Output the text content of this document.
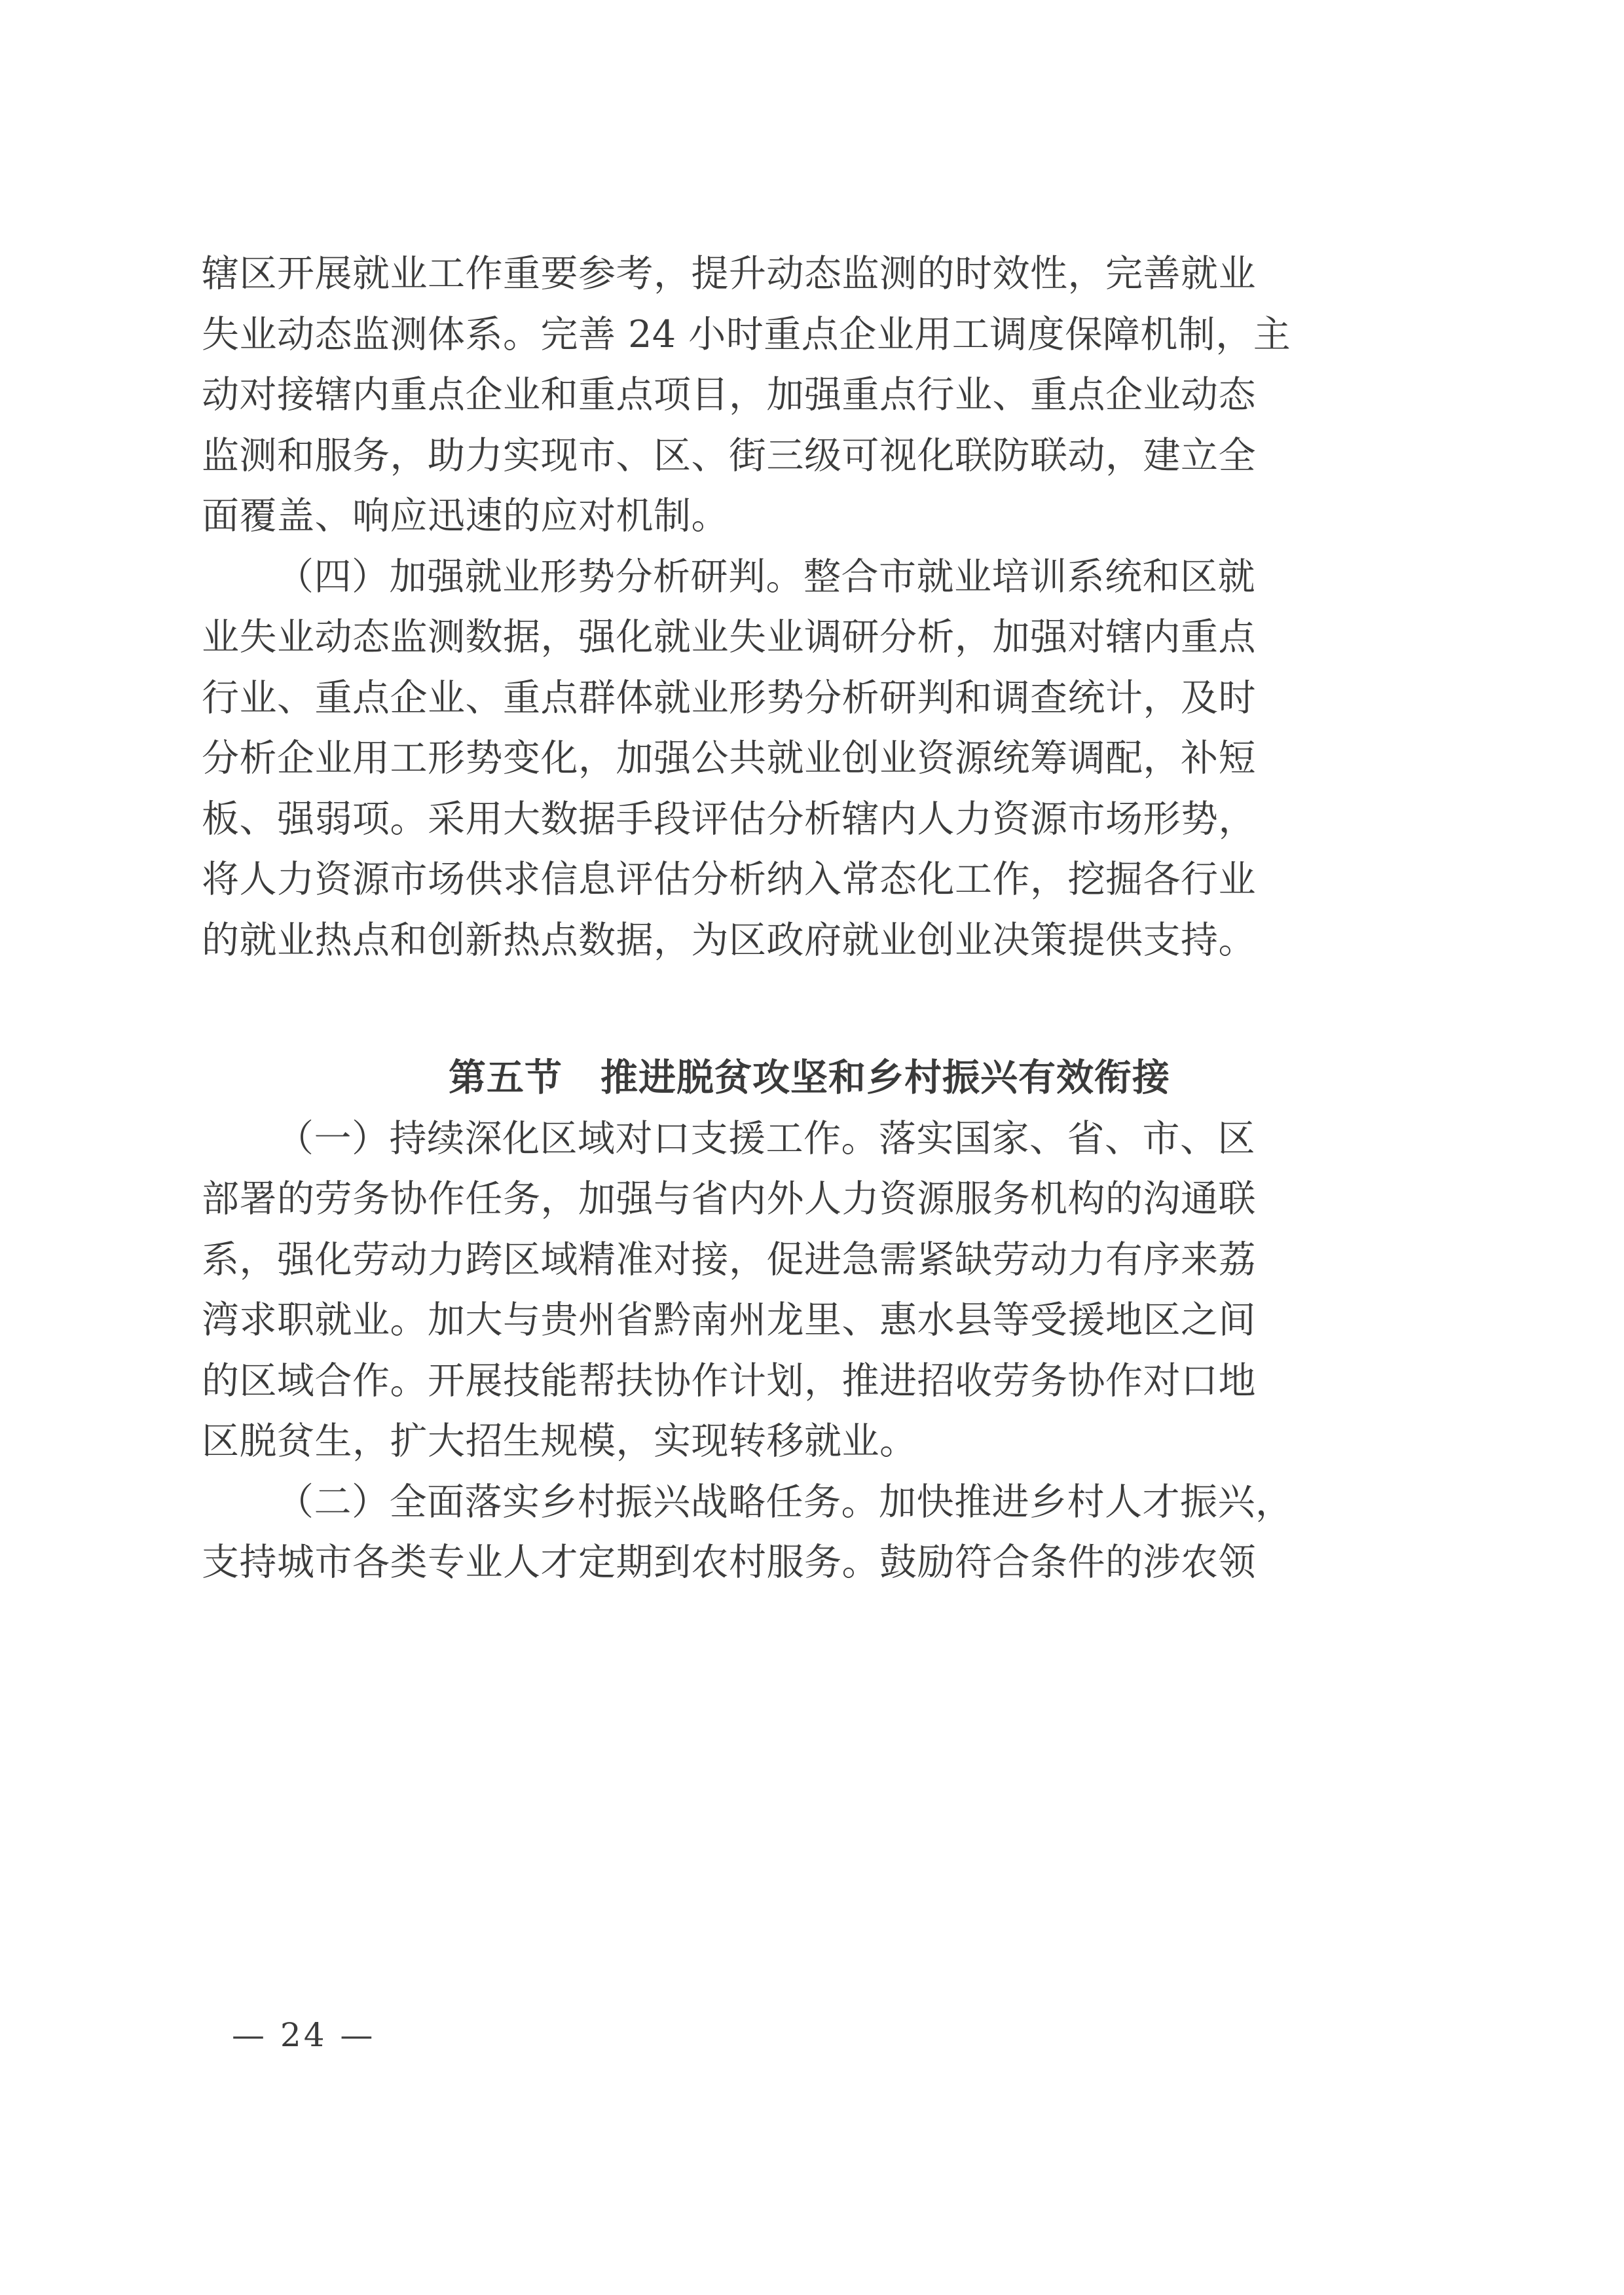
辖区开展就业工作重要参考，提升动态监测的时效性，完善就业
失业动态监测体系。完善 24 小时重点企业用工调度保障机制，主
动对接辖内重点企业和重点项目，加强重点行业、重点企业动态
监测和服务，助力实现市、区、街三级可视化联防联动，建立全
面覆盖、响应迅速的应对机制。
（四）加强就业形势分析研判。整合市就业培训系统和区就
业失业动态监测数据，强化就业失业调研分析，加强对辖内重点
行业、重点企业、重点群体就业形势分析研判和调查统计，及时
分析企业用工形势变化，加强公共就业创业资源统筹调配，补短
板、强弱项。采用大数据手段评估分析辖内人力资源市场形势，
将人力资源市场供求信息评估分析纳入常态化工作，挖掘各行业
的就业热点和创新热点数据，为区政府就业创业决策提供支持。
第五节　推进脱贫攻坚和乡村振兴有效衔接
（一）持续深化区域对口支援工作。落实国家、省、市、区
部署的劳务协作任务，加强与省内外人力资源服务机构的沟通联
系，强化劳动力跨区域精准对接，促进急需紧缺劳动力有序来荔
湾求职就业。加大与贵州省黔南州龙里、惠水县等受援地区之间
的区域合作。开展技能帮扶协作计划，推进招收劳务协作对口地
区脱贫生，扩大招生规模，实现转移就业。
（二）全面落实乡村振兴战略任务。加快推进乡村人才振兴，
支持城市各类专业人才定期到农村服务。鼓励符合条件的涉农领

— 24 —
